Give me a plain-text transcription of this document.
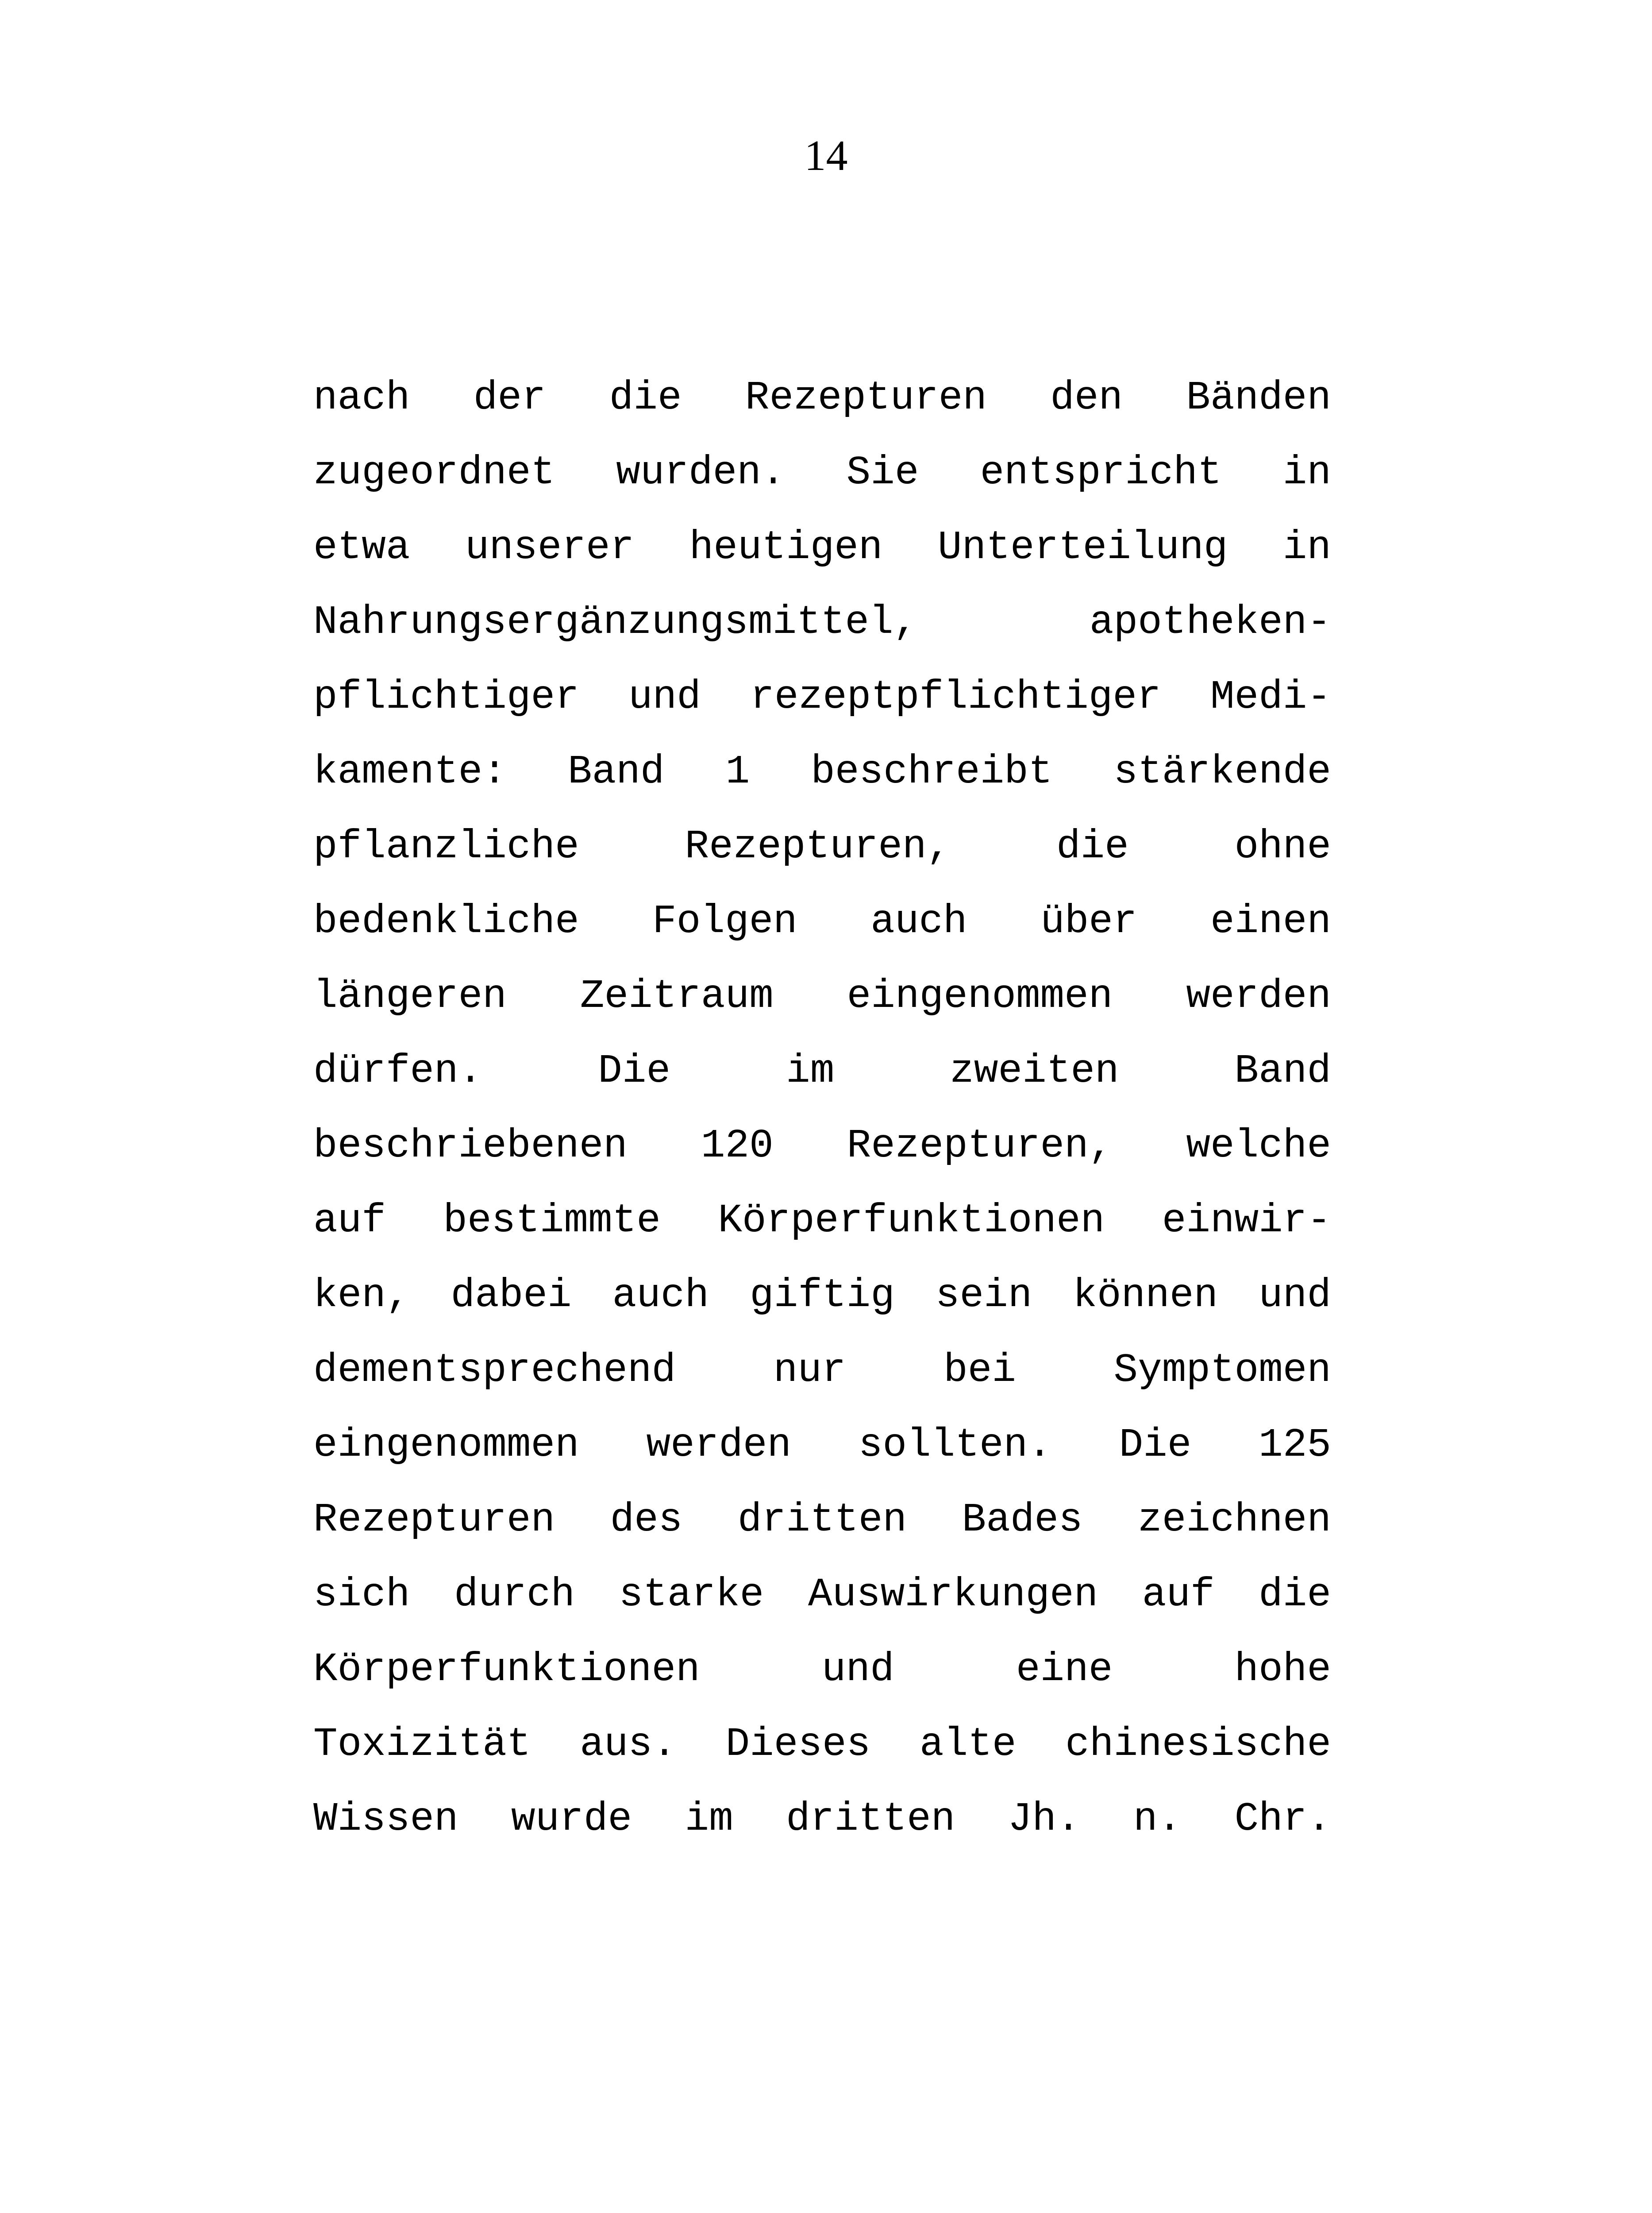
14
nach der die Rezepturen den Bänden
zugeordnet wurden. Sie entspricht in
etwa unserer heutigen Unterteilung in
Nahrungsergänzungsmittel, apotheken-
pflichtiger und rezeptpflichtiger Medi-
kamente: Band 1 beschreibt stärkende
pflanzliche Rezepturen, die ohne
bedenkliche Folgen auch über einen
längeren Zeitraum eingenommen werden
dürfen. Die im zweiten Band
beschriebenen 120 Rezepturen, welche
auf bestimmte Körperfunktionen einwir-
ken, dabei auch giftig sein können und
dementsprechend nur bei Symptomen
eingenommen werden sollten. Die 125
Rezepturen des dritten Bades zeichnen
sich durch starke Auswirkungen auf die
Körperfunktionen und eine hohe
Toxizität aus. Dieses alte chinesische
Wissen wurde im dritten Jh. n. Chr.
